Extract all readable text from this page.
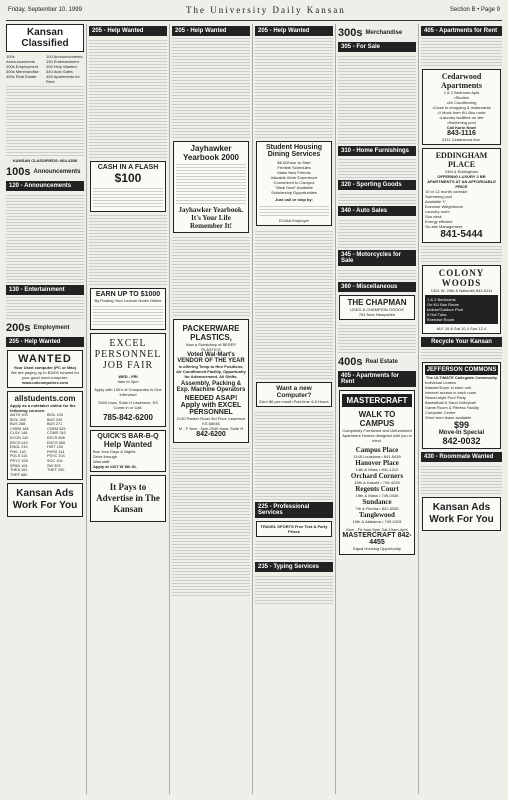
Friday, September 10, 1999	The University Daily Kansan	Section B • Page 9
Kansan Classified
100s Announcements
200s Employment
300s Merchandise
400s Real Estate
100 Announcements
130 Entertainment
205 Help Wanted
340 Auto Sales
405 Apartments for Rent
KANSAN CLASSIFIEDS: 864-4358
100s Announcements
120 - Announcements
130 - Entertainment
200s Employment
205 - Help Wanted
WANTED
Your Used computer (PC or Mac)
We are paying up to $1000 forward for your good used computer.
www.unicomputers.com
allstudents.com
Apply as a notetaker online for the following courses:
ANTH 100	BIOL 100
BIOL 200	BUS 240
BUS 268	BUS 271
CHEM 184	CHEM 625
CLSX 148	COMS 310
ECON 140	EECS 608
EECS 610	EDCS 665
ENGL 210	HIST 100
PHIL 140	PHSX 114
POLS 110	PSYC 104
PSYC 333	SOC 104
SPAN 104	SW 303
THEA 100	THEF 290
THEF 880
Kansan Ads Work For You
205 - Help Wanted
CASH IN A FLASH
$100
EARN UP TO $1000
By Posting Your Lecture Notes Online
EXCEL PERSONNEL JOB FAIR
WED - FRI
9am to 3pm
Apply with 100's of Companies in One Interview!
2540 Iowa, Suite H Lawrence, KS Come in or Call:
785-842-6200
QUICK'S BAR-B-Q
Help Wanted
Bus Your Days & Nights
Drive through
Wait staff
Apply at 1107 W 6th St.
It Pays to Advertise in The Kansan
205 - Help Wanted
Jayhawker Yearbook 2000
Jayhawker Yearbook. It's Your Life Remember It!
PACKERWARE PLASTICS,
Now a Subsidiary of BERRY PLASTICS
Voted Wal-Mart's VENDOR OF THE YEAR
is offering Temp to Hire Positions, Air Conditioned Facility, Opportunity for Advancement, All Shifts.
Assembly, Packing & Exp. Machine Operators
NEEDED ASAP! Apply with EXCEL PERSONNEL
2130 Packer Road 3rd Floor Lawrence KS 66046
M - F 9am - 3pm 2540 Iowa, Suite H
842-6200
205 - Help Wanted
Student Housing Dining Services
$6.00/hour to Start
Flexible Schedules
Make New Friends
Valuable Work Experience
Convenient to Campus
"Meal Deal" Available
Scholarship Opportunities
Just call or stop by:
EO/AA Employer
Want a new Computer?
Earn $6 per month Part-time 4-8 Hours
225 - Professional Services
TRAVEL SPORTS Free Test & Party Prizes
235 - Typing Services
300s Merchandise
305 - For Sale
310 - Home Furnishings
320 - Sporting Goods
340 - Auto Sales
345 - Motorcycles for Sale
360 - Miscellaneous
THE CHAPMAN
USED & CHAMPION GOODS
751 New Hampshire
400s Real Estate
405 - Apartments for Rent
MASTERCRAFT
WALK TO CAMPUS
Completely Furnished and Unfurnished Apartment Homes designed with you in mind.
Campus Place
1145 Louisiana • 841-5439
Hanover Place
14th & Mass • 841-1212
Orchard Corners
15th & Kasold • 749-4226
Regents Court
19th & Mass • 749-0445
Sundance
7th & Florida • 841-5255
Tanglewood
10th & Alabama • 749-2415
Mon - Fri 9am-5pm Sat 10am-4pm
MASTERCRAFT 842-4455
Equal Housing Opportunity
405 - Apartments for Rent
Cedarwood Apartments
1 & 2 Bedroom Apts
•Studios
•Air Conditioning
•Close to shopping & restaurants
•1 block from KU Bus route
•Laundry facilities on site
•Swimming pool
Call Karin Now!
843-1116
2411 Cedarwood Ave.
EDDINGHAM PLACE
24th & Eddingham
OFFERING LUXURY 2 BR APARTMENTS AT AN AFFORDABLE PRICE
10 or 12 month contract
Swimming pool
Available 7/
Exercise Weightroom
Laundry room
Sun deck
Energy efficient
On-site Management
841-5444
COLONY WOODS
1301 W. 24th & Naismith 842-5111
1 & 2 Bedrooms
On KU Bus Route
Indoor/Outdoor Pool
5 Hot Tubs
Exercise Room
M-F 10-6 Sat 10-4 Sun 12-4
Recycle Your Kansan
JEFFERSON COMMONS
The ULTIMATE Collegiate Community
Individual Leases
Washer/Dryer in each unit
Internet access in each room
Resort-style Pool Party
Basketball & Sand Volleyball
Game Room & Fitness Facility
Computer Center
Short term lease available
$99
Move-In Special
842-0032
430 - Roommate Wanted
Kansan Ads Work For You
